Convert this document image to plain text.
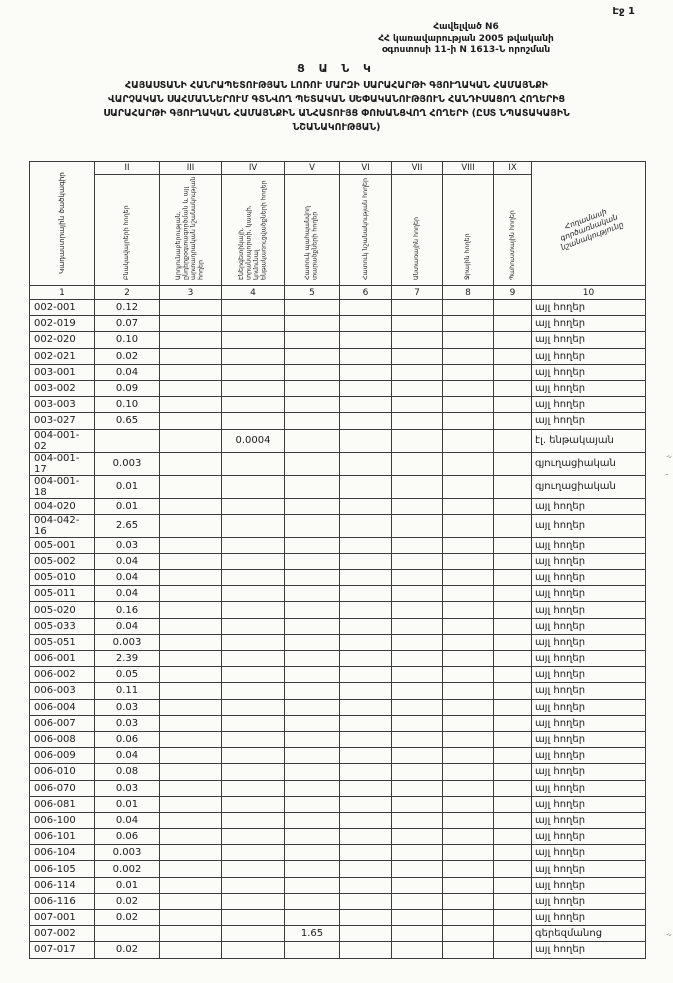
Էջ 1
Հավելված N6
ՀՀ կառավարության 2005 թվականի
օգոստոսի 11-ի N 1613-Ն որոշման
Ց Ա Ն Կ
ՀԱՅԱՍՏԱՆԻ ՀԱՆՐԱՊԵՏՈՒԹՅԱՆ ԼՈՌՈՒ ՄԱՐԶԻ ՍԱՐԱՀԱՐԹԻ ԳՅՈՒՂԱԿԱՆ ՀԱՄԱՅՆՔԻ
ՎԱՐՉԱԿԱՆ ՍԱՀՄԱՆՆԵՐՈՒՄ ԳՏՆՎՈՂ ՊԵՏԱԿԱՆ ՍԵՓԱԿԱՆՈՒԹՅՈՒՆ ՀԱՆԴԻՍԱՑՈՂ ՀՈՂԵՐԻՑ
ՍԱՐԱՀԱՐԹԻ ԳՅՈՒՂԱԿԱՆ ՀԱՄԱՅՆՔԻՆ ԱՆՀԱՏՈՒՅՑ ՓՈԽԱՆՑՎՈՂ ՀՈՂԵՐԻ (ԸՍՏ ՆՊԱՏԱԿԱՅԻՆ
ՆՇԱՆԱԿՈՒԹՅԱՆ)
Կադաստրային ծածկագիր	II	III	IV	V	VI	VII	VIII	IX	Հողամասի գործառնական նշանակությունը

	Բնակավայրերի հողեր	Արդյունաբերության, ընդերքօգտագործման և այլ արտադրական նշանակության հողեր	Էներգետիկայի, տրանսպորտի, կապի, կոմունալ ենթակառուցվածքների հողեր	Հատուկ պահպանվող տարածքների հողեր	Հատուկ նշանակության հողեր	Անտառային հողեր	Ջրային հողեր	Պահուստային հողեր	
1	2	3	4	5	6	7	8	9	10
002-001	0.12								այլ հողեր
002-019	0.07								այլ հողեր
002-020	0.10								այլ հողեր
002-021	0.02								այլ հողեր
003-001	0.04								այլ հողեր
003-002	0.09								այլ հողեր
003-003	0.10								այլ հողեր
003-027	0.65								այլ հողեր
004-001-02			0.0004						էլ. ենթակայան
004-001-17	0.003								գյուղացիական
004-001-18	0.01								գյուղացիական
004-020	0.01								այլ հողեր
004-042-16	2.65								այլ հողեր
005-001	0.03								այլ հողեր
005-002	0.04								այլ հողեր
005-010	0.04								այլ հողեր
005-011	0.04								այլ հողեր
005-020	0.16								այլ հողեր
005-033	0.04								այլ հողեր
005-051	0.003								այլ հողեր
006-001	2.39								այլ հողեր
006-002	0.05								այլ հողեր
006-003	0.11								այլ հողեր
006-004	0.03								այլ հողեր
006-007	0.03								այլ հողեր
006-008	0.06								այլ հողեր
006-009	0.04								այլ հողեր
006-010	0.08								այլ հողեր
006-070	0.03								այլ հողեր
006-081	0.01								այլ հողեր
006-100	0.04								այլ հողեր
006-101	0.06								այլ հողեր
006-104	0.003								այլ հողեր
006-105	0.002								այլ հողեր
006-114	0.01								այլ հողեր
006-116	0.02								այլ հողեր
007-001	0.02								այլ հողեր
007-002				1.65					գերեզմանոց
007-017	0.02								այլ հողեր
՛՛
՛
՛՛
